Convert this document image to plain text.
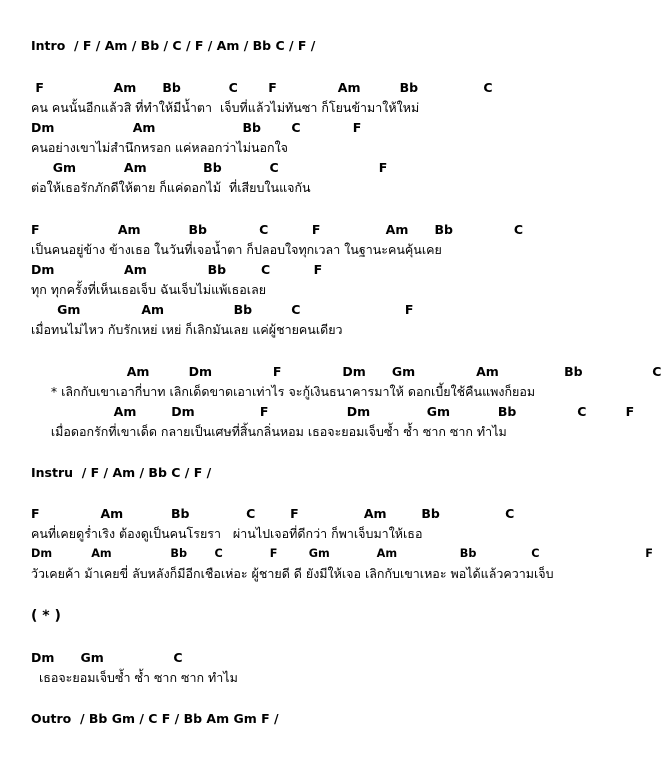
Intro  / F / Am / Bb / C / F / Am / Bb C / F /
F                Am      Bb           C       F              Am         Bb               C
คน คนนั้นอีกแล้วสิ ที่ทำให้มีน้ำตา  เจ็บที่แล้วไม่ทันซา ก็โยนข้ามาให้ใหม่
Dm                  Am                    Bb       C            F
คนอย่างเขาไม่สำนึกหรอก แค่หลอกว่าไม่นอกใจ
Gm           Am             Bb           C                       F
ต่อให้เธอรักภักดีให้ตาย ก็แค่ดอกไม้  ที่เสียบในแจกัน
F                  Am           Bb            C          F               Am      Bb              C
เป็นคนอยู่ข้าง ข้างเธอ ในวันที่เจอน้ำตา ก็ปลอบใจทุกเวลา ในฐานะคนคุ้นเคย
Dm                Am              Bb        C          F
ทุก ทุกครั้งที่เห็นเธอเจ็บ ฉันเจ็บไม่แพ้เธอเลย
Gm              Am                Bb         C                        F
เมื่อทนไม่ไหว กับรักเหย่ เหย่ ก็เลิกมันเลย แค่ผู้ชายคนเดียว
Am         Dm              F              Dm      Gm              Am               Bb                C
* เลิกกับเขาเอากี่บาท เลิกเด็ดขาดเอาเท่าไร จะกู้เงินธนาคารมาให้ ดอกเบี้ยใช้คืนแพงก็ยอม
Am        Dm               F                  Dm             Gm           Bb              C         F
เมื่อดอกรักที่เขาเด็ด กลายเป็นเศษที่สิ้นกลิ่นหอม เธอจะยอมเจ็บซ้ำ ซ้ำ ซาก ซาก ทำไม
Instru  / F / Am / Bb C / F /
F              Am           Bb             C        F               Am        Bb               C
คนที่เคยดูร่ำเริง ต้องดูเป็นคนโรยรา   ผ่านไปเจอที่ดีกว่า ก็พาเจ็บมาให้เธอ
Dm          Am               Bb       C            F        Gm            Am                Bb              C                           F
วัวเคยค้า ม้าเคยขี่ ลับหลังก็มีอีกเชือเห่อะ ผู้ชายดี ดี ยังมีให้เจอ เลิกกับเขาเหอะ พอได้แล้วความเจ็บ
( * )
Dm      Gm                C
เธอจะยอมเจ็บซ้ำ ซ้ำ ซาก ซาก ทำไม
Outro  / Bb Gm / C F / Bb Am Gm F /
